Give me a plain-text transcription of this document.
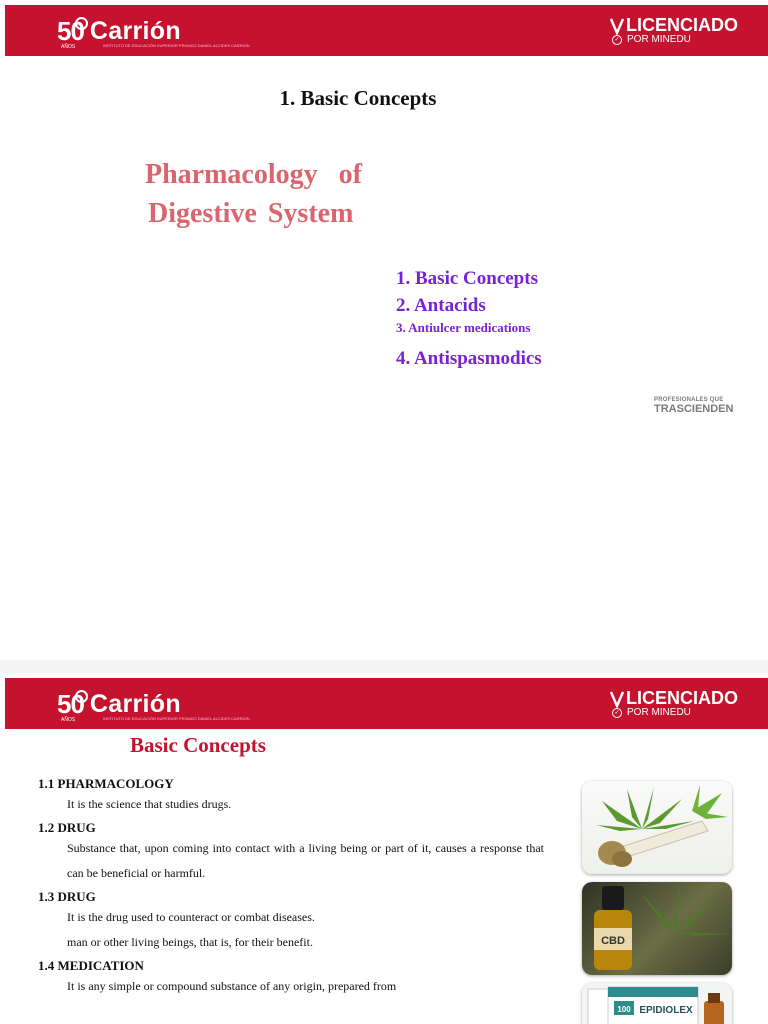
50
AÑOS
Carrión
INSTITUTO DE EDUCACIÓN SUPERIOR PRIVADO DANIEL ALCIDES CARRIÓN
LICENCIADO
✓ POR MINEDU
1. Basic Concepts
Pharmacology of
Digestive System
1. Basic Concepts
2. Antacids
3. Antiulcer medications
4. Antispasmodics
PROFESIONALES QUE
TRASCIENDEN
50
AÑOS
Carrión
INSTITUTO DE EDUCACIÓN SUPERIOR PRIVADO DANIEL ALCIDES CARRIÓN
LICENCIADO
✓ POR MINEDU
Basic Concepts
1.1 PHARMACOLOGY
It is the science that studies drugs.
1.2 DRUG
Substance that, upon coming into contact with a living being or part of it, causes a response that can be beneficial or harmful.
1.3 DRUG
It is the drug used to counteract or combat diseases.
man or other living beings, that is, for their benefit.
1.4 MEDICATION
It is any simple or compound substance of any origin, prepared from
CBD
100 EPIDIOLEX
